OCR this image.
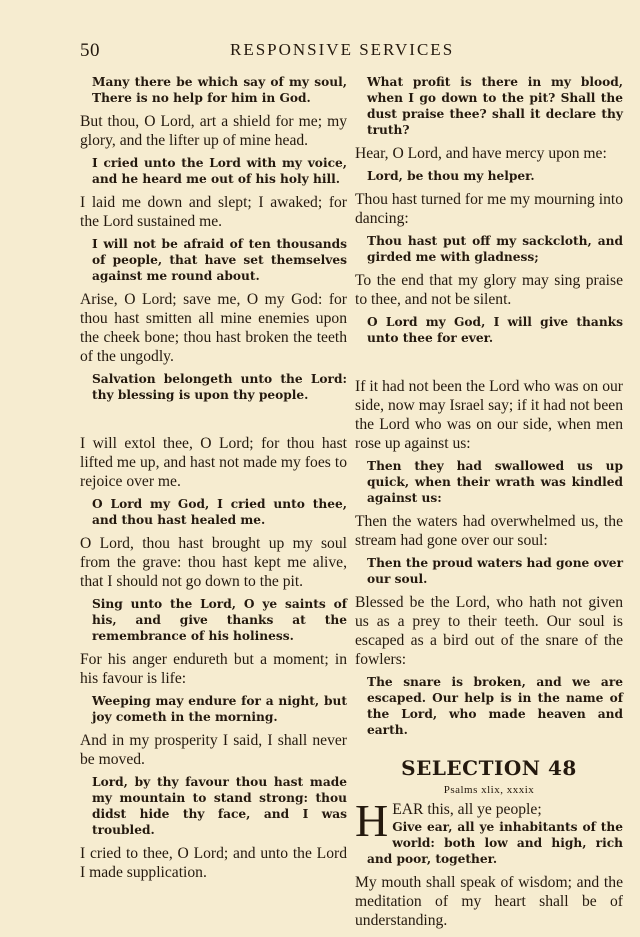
50	RESPONSIVE SERVICES

Many there be which say of my soul, There is no help for him in God.

But thou, O Lord, art a shield for me; my glory, and the lifter up of mine head.

I cried unto the Lord with my voice, and he heard me out of his holy hill.

I laid me down and slept; I awaked; for the Lord sustained me.

I will not be afraid of ten thousands of people, that have set themselves against me round about.

Arise, O Lord; save me, O my God: for thou hast smitten all mine enemies upon the cheek bone; thou hast broken the teeth of the ungodly.

Salvation belongeth unto the Lord: thy blessing is upon thy people.

I will extol thee, O Lord; for thou hast lifted me up, and hast not made my foes to rejoice over me.

O Lord my God, I cried unto thee, and thou hast healed me.

O Lord, thou hast brought up my soul from the grave: thou hast kept me alive, that I should not go down to the pit.

Sing unto the Lord, O ye saints of his, and give thanks at the remembrance of his holiness.

For his anger endureth but a moment; in his favour is life:

Weeping may endure for a night, but joy cometh in the morning.

And in my prosperity I said, I shall never be moved.

Lord, by thy favour thou hast made my mountain to stand strong: thou didst hide thy face, and I was troubled.

I cried to thee, O Lord; and unto the Lord I made supplication.

What profit is there in my blood, when I go down to the pit? Shall the dust praise thee? shall it declare thy truth?

Hear, O Lord, and have mercy upon me:

Lord, be thou my helper.

Thou hast turned for me my mourning into dancing:

Thou hast put off my sackcloth, and girded me with gladness;

To the end that my glory may sing praise to thee, and not be silent.

O Lord my God, I will give thanks unto thee for ever.

If it had not been the Lord who was on our side, now may Israel say; if it had not been the Lord who was on our side, when men rose up against us:

Then they had swallowed us up quick, when their wrath was kindled against us:

Then the waters had overwhelmed us, the stream had gone over our soul:

Then the proud waters had gone over our soul.

Blessed be the Lord, who hath not given us as a prey to their teeth. Our soul is escaped as a bird out of the snare of the fowlers:

The snare is broken, and we are escaped. Our help is in the name of the Lord, who made heaven and earth.

SELECTION 48

Psalms xlix, xxxix

H EAR this, all ye people;

Give ear, all ye inhabitants of the world: both low and high, rich and poor, together.

My mouth shall speak of wisdom; and the meditation of my heart shall be of understanding.
